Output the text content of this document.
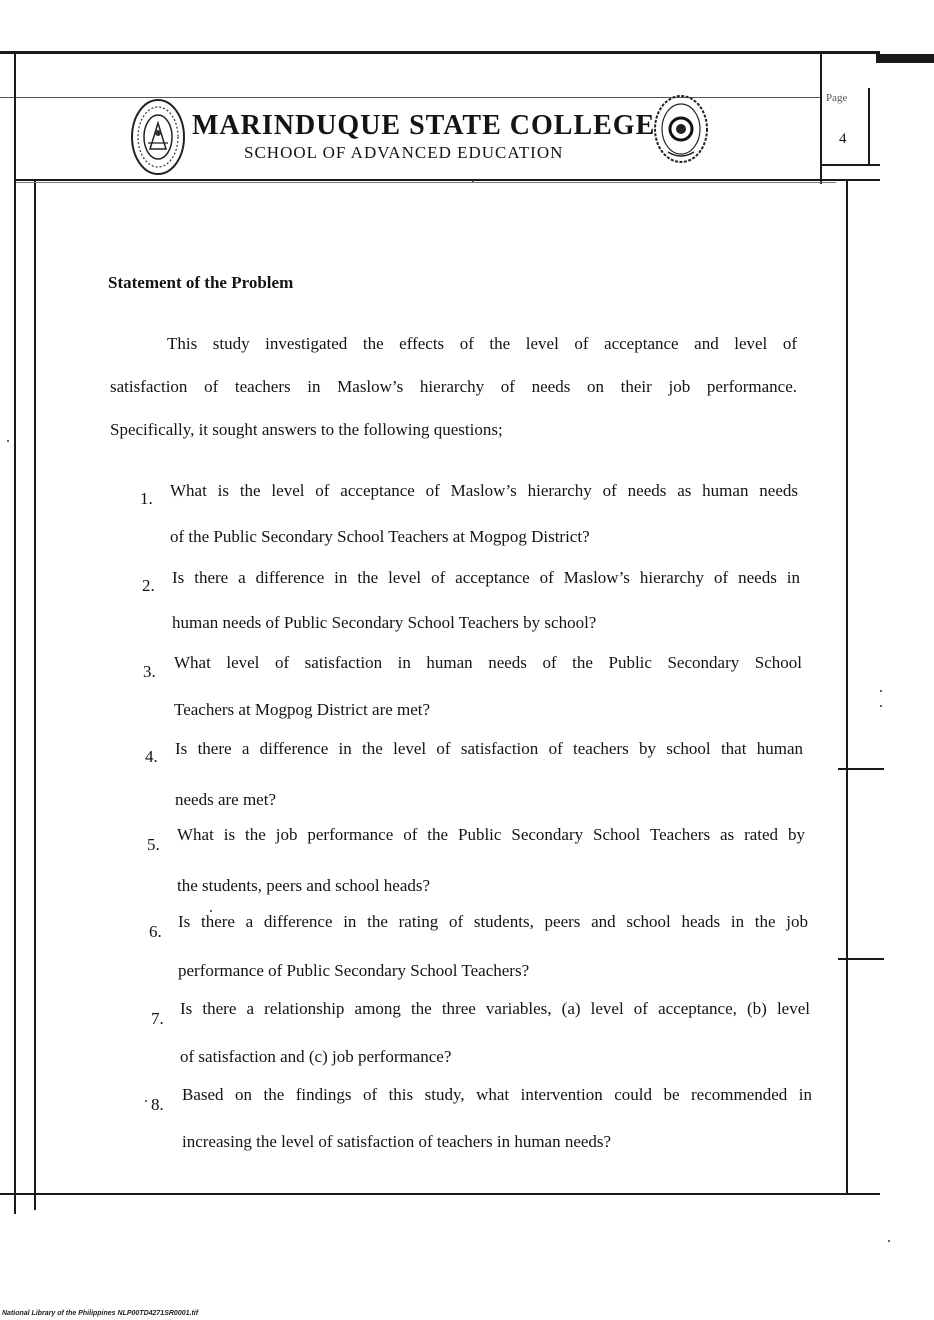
MARINDUQUE STATE COLLEGE
SCHOOL OF ADVANCED EDUCATION
Page
4
Statement of the Problem
This study investigated the effects of the level of acceptance and level of
satisfaction of teachers in Maslow’s hierarchy of needs on their job performance.
Specifically, it sought answers to the following questions;
1. What is the level of acceptance of Maslow’s hierarchy of needs as human needs
of the Public Secondary School Teachers at Mogpog District?
2. Is there a difference in the level of acceptance of Maslow’s hierarchy of needs in
human needs of Public Secondary School Teachers by school?
3. What level of satisfaction in human needs of the Public Secondary School
Teachers at Mogpog District are met?
4. Is there a difference in the level of satisfaction of teachers by school that human
needs are met?
5.
What is the job performance of the Public Secondary School Teachers as rated by
the students, peers and school heads?
6.
Is there a difference in the rating of students, peers and school heads in the job
performance of Public Secondary School Teachers?
7.
Is there a relationship among the three variables, (a) level of acceptance, (b) level
of satisfaction and (c) job performance?
8.
Based on the findings of this study, what intervention could be recommended in
increasing the level of satisfaction of teachers in human needs?
National Library of the Philippines NLP00TD4271SR0001.tif
